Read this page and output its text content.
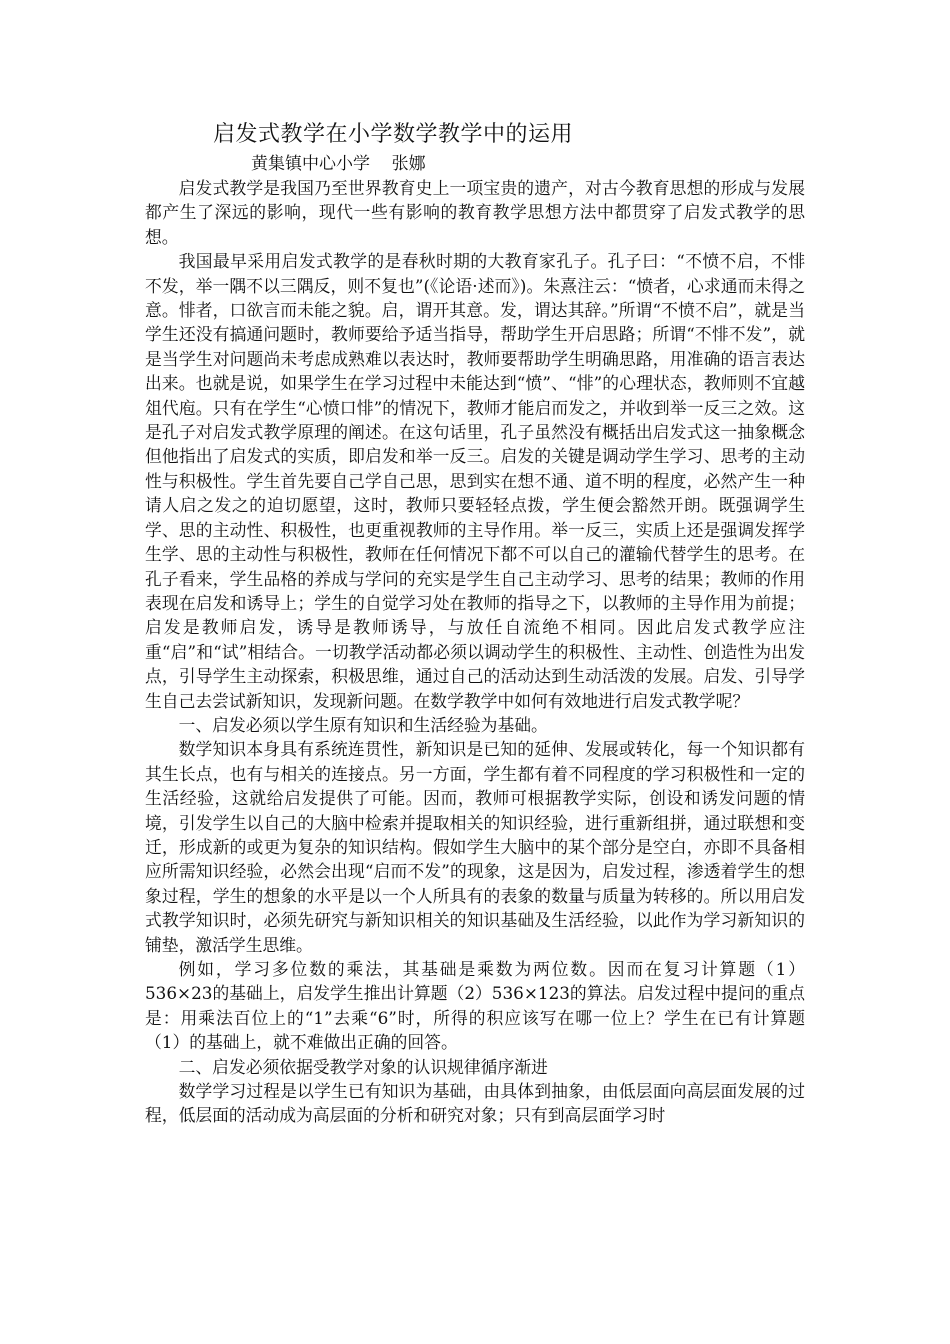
启发式教学在小学数学教学中的运用
黄集镇中心小学    张娜

启发式教学是我国乃至世界教育史上一项宝贵的遗产，对古今教育思想的形成与发展都产生了深远的影响，现代一些有影响的教育教学思想方法中都贯穿了启发式教学的思想。

我国最早采用启发式教学的是春秋时期的大教育家孔子。孔子曰：“不愤不启，不悱不发，举一隅不以三隅反，则不复也”(《论语·述而》)。朱熹注云：“愤者，心求通而未得之意。悱者，口欲言而未能之貌。启，谓开其意。发，谓达其辞。”所谓“不愤不启”，就是当学生还没有搞通问题时，教师要给予适当指导，帮助学生开启思路；所谓“不悱不发”，就是当学生对问题尚未考虑成熟难以表达时，教师要帮助学生明确思路，用准确的语言表达出来。也就是说，如果学生在学习过程中未能达到“愤”、“悱”的心理状态，教师则不宜越俎代庖。只有在学生“心愤口悱”的情况下，教师才能启而发之，并收到举一反三之效。这是孔子对启发式教学原理的阐述。在这句话里，孔子虽然没有概括出启发式这一抽象概念但他指出了启发式的实质，即启发和举一反三。启发的关键是调动学生学习、思考的主动性与积极性。学生首先要自己学自己思，思到实在想不通、道不明的程度，必然产生一种请人启之发之的迫切愿望，这时，教师只要轻轻点拨，学生便会豁然开朗。既强调学生学、思的主动性、积极性，也更重视教师的主导作用。举一反三，实质上还是强调发挥学生学、思的主动性与积极性，教师在任何情况下都不可以自己的灌输代替学生的思考。在孔子看来，学生品格的养成与学问的充实是学生自己主动学习、思考的结果；教师的作用表现在启发和诱导上；学生的自觉学习处在教师的指导之下，以教师的主导作用为前提；启发是教师启发，诱导是教师诱导，与放任自流绝不相同。因此启发式教学应注重“启”和“试”相结合。一切教学活动都必须以调动学生的积极性、主动性、创造性为出发点，引导学生主动探索，积极思维，通过自己的活动达到生动活泼的发展。启发、引导学生自己去尝试新知识，发现新问题。在数学教学中如何有效地进行启发式教学呢？

一、启发必须以学生原有知识和生活经验为基础。

数学知识本身具有系统连贯性，新知识是已知的延伸、发展或转化，每一个知识都有其生长点，也有与相关的连接点。另一方面，学生都有着不同程度的学习积极性和一定的生活经验，这就给启发提供了可能。因而，教师可根据教学实际，创设和诱发问题的情境，引发学生以自己的大脑中检索并提取相关的知识经验，进行重新组拼，通过联想和变迁，形成新的或更为复杂的知识结构。假如学生大脑中的某个部分是空白，亦即不具备相应所需知识经验，必然会出现“启而不发”的现象，这是因为，启发过程，渗透着学生的想象过程，学生的想象的水平是以一个人所具有的表象的数量与质量为转移的。所以用启发式教学知识时，必须先研究与新知识相关的知识基础及生活经验，以此作为学习新知识的铺垫，激活学生思维。

例如，学习多位数的乘法，其基础是乘数为两位数。因而在复习计算题（1）536×23的基础上，启发学生推出计算题（2）536×123的算法。启发过程中提问的重点是：用乘法百位上的“1”去乘“6”时，所得的积应该写在哪一位上？学生在已有计算题（1）的基础上，就不难做出正确的回答。

二、启发必须依据受教学对象的认识规律循序渐进

数学学习过程是以学生已有知识为基础，由具体到抽象，由低层面向高层面发展的过程，低层面的活动成为高层面的分析和研究对象；只有到高层面学习时
